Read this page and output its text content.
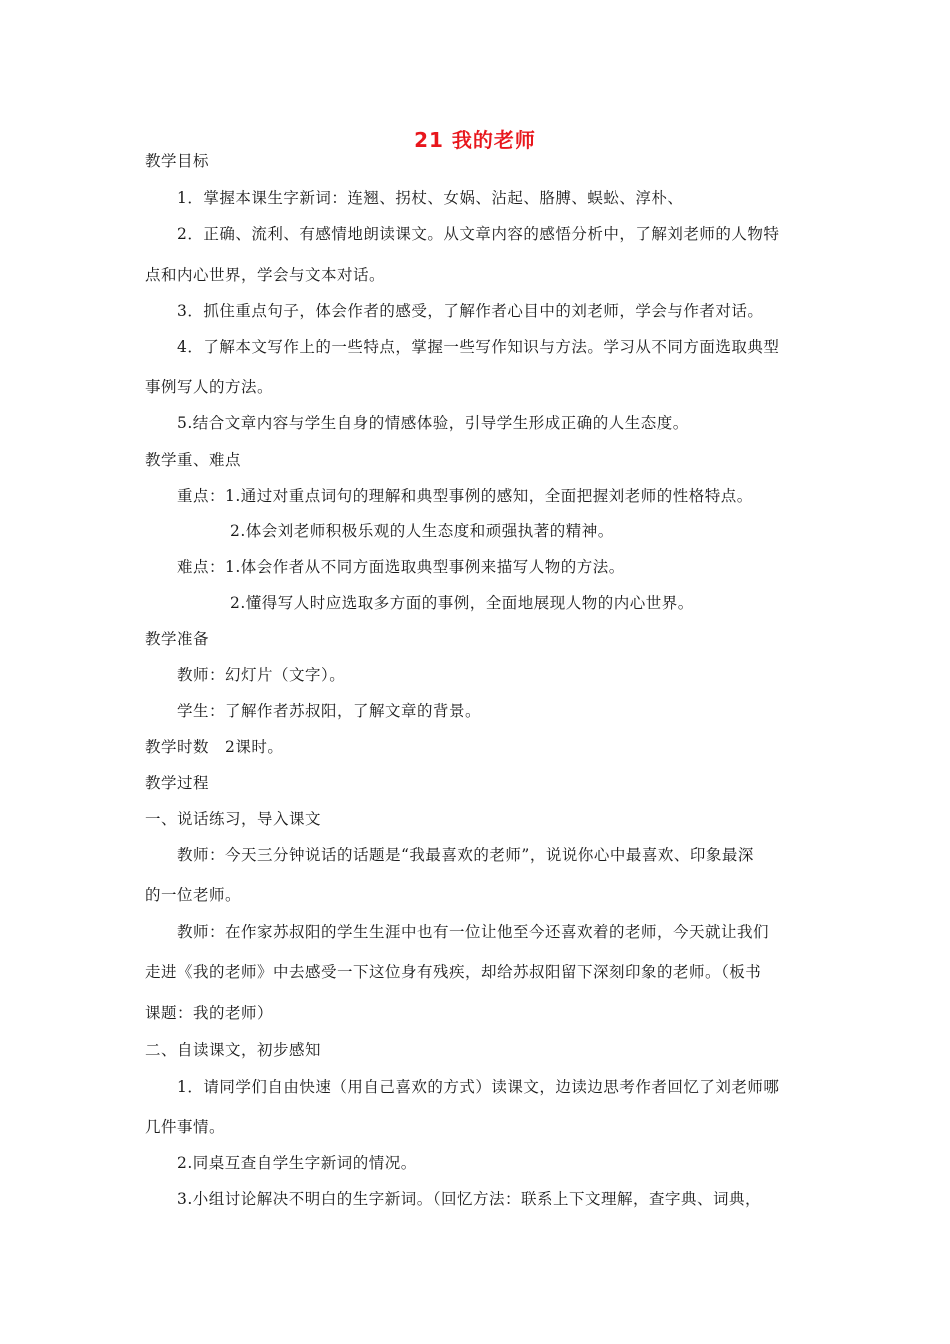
21 我的老师
教学目标
1．掌握本课生字新词：连翘、拐杖、女娲、沾起、胳膊、蜈蚣、淳朴、
2．正确、流利、有感情地朗读课文。从文章内容的感悟分析中，了解刘老师的人物特
点和内心世界，学会与文本对话。
3．抓住重点句子，体会作者的感受，了解作者心目中的刘老师，学会与作者对话。
4．了解本文写作上的一些特点，掌握一些写作知识与方法。学习从不同方面选取典型
事例写人的方法。
5.结合文章内容与学生自身的情感体验，引导学生形成正确的人生态度。
教学重、难点
重点：1.通过对重点词句的理解和典型事例的感知，全面把握刘老师的性格特点。
2.体会刘老师积极乐观的人生态度和顽强执著的精神。
难点：1.体会作者从不同方面选取典型事例来描写人物的方法。
2.懂得写人时应选取多方面的事例，全面地展现人物的内心世界。
教学准备
教师：幻灯片（文字）。
学生：了解作者苏叔阳，了解文章的背景。
教学时数　2课时。
教学过程
一、说话练习，导入课文
教师：今天三分钟说话的话题是“我最喜欢的老师”，说说你心中最喜欢、印象最深
的一位老师。
教师：在作家苏叔阳的学生生涯中也有一位让他至今还喜欢着的老师，今天就让我们
走进《我的老师》中去感受一下这位身有残疾，却给苏叔阳留下深刻印象的老师。（板书
课题：我的老师）
二、自读课文，初步感知
1．请同学们自由快速（用自己喜欢的方式）读课文，边读边思考作者回忆了刘老师哪
几件事情。
2.同桌互查自学生字新词的情况。
3.小组讨论解决不明白的生字新词。（回忆方法：联系上下文理解，查字典、词典，
